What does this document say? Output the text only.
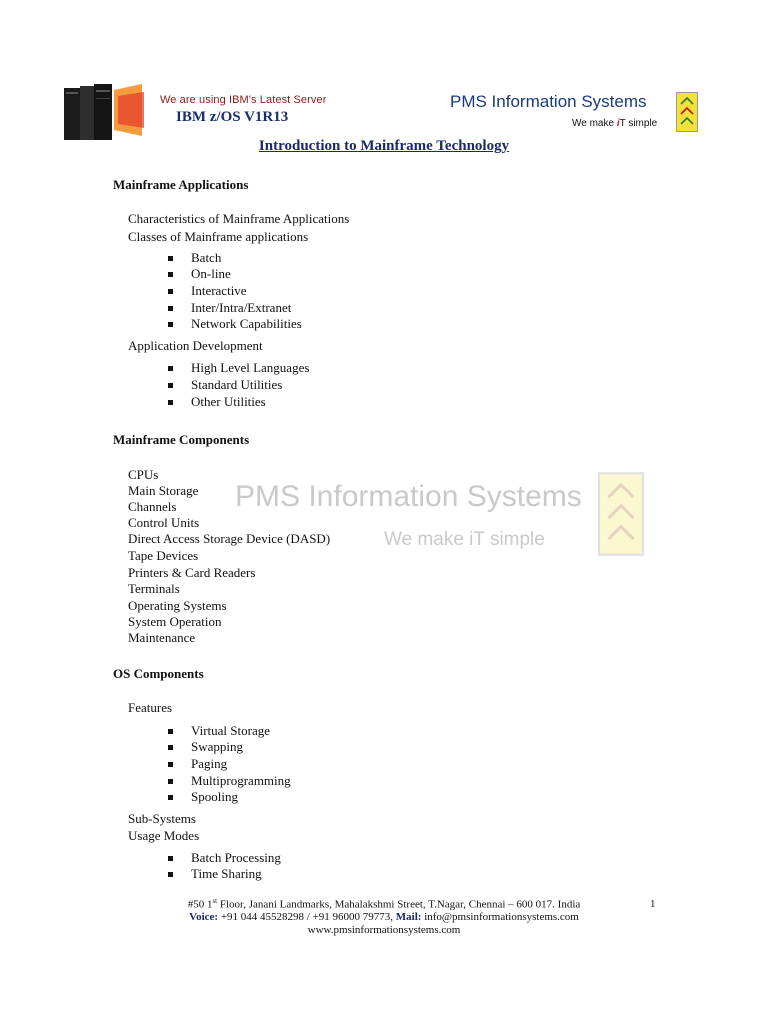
We are using IBM's Latest Server
IBM z/OS V1R13
PMS Information Systems
We make iT simple
Introduction to Mainframe Technology
PMS Information Systems
We make iT simple
Mainframe Applications
Characteristics of Mainframe Applications
Classes of Mainframe applications
Batch
On-line
Interactive
Inter/Intra/Extranet
Network Capabilities
Application Development
High Level Languages
Standard Utilities
Other Utilities
Mainframe Components
CPUs
Main Storage
Channels
Control Units
Direct Access Storage Device (DASD)
Tape Devices
Printers & Card Readers
Terminals
Operating Systems
System Operation
Maintenance
OS Components
Features
Virtual Storage
Swapping
Paging
Multiprogramming
Spooling
Sub-Systems
Usage Modes
Batch Processing
Time Sharing
#50 1st Floor, Janani Landmarks, Mahalakshmi Street, T.Nagar, Chennai – 600 017. India
Voice: +91 044 45528298 / +91 96000 79773, Mail: info@pmsinformationsystems.com
www.pmsinformationsystems.com
1
